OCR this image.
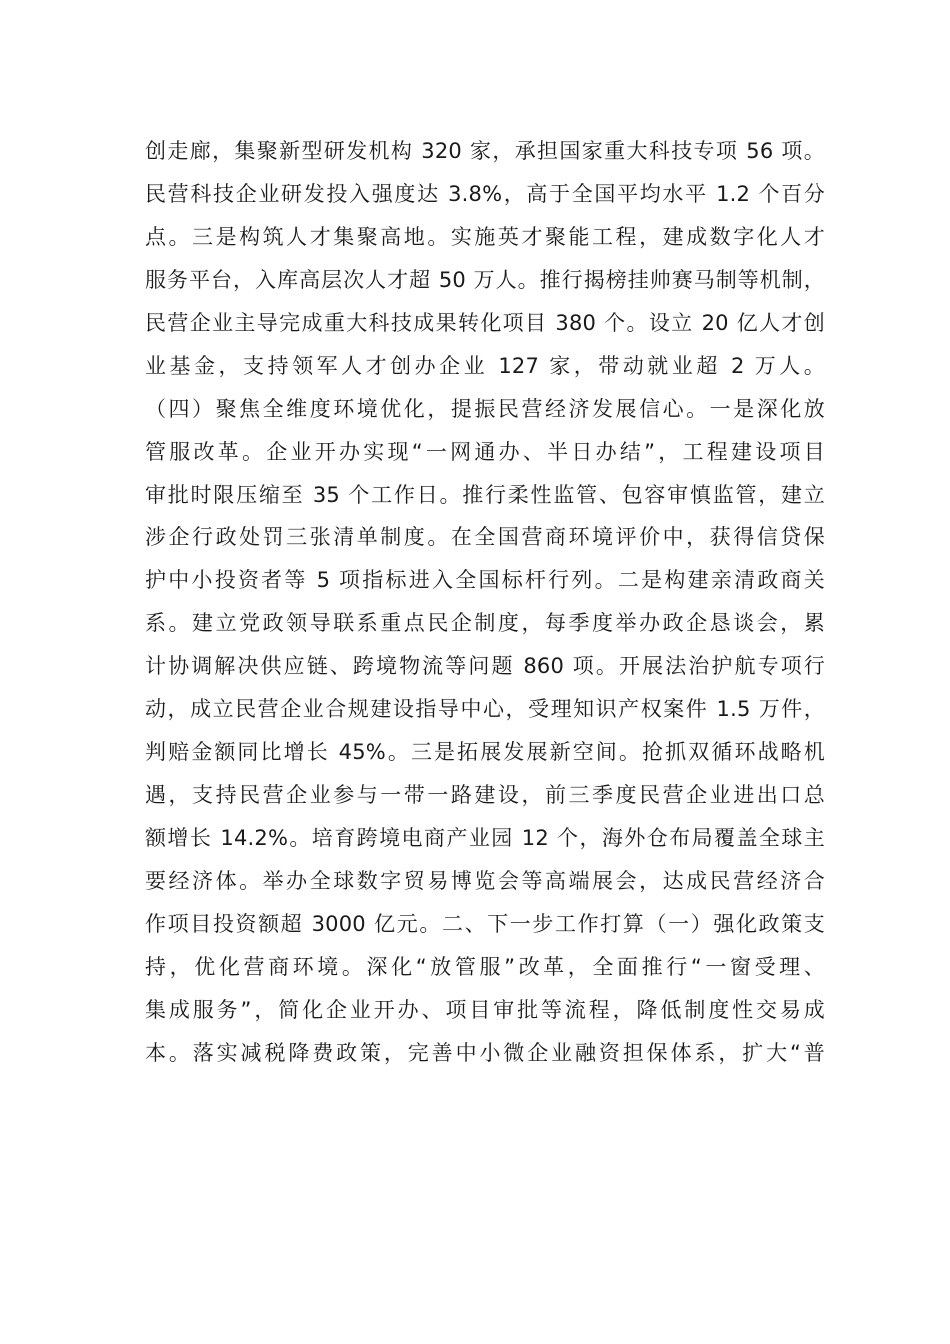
创走廊，集聚新型研发机构 320 家，承担国家重大科技专项 56 项。
民营科技企业研发投入强度达 3.8%，高于全国平均水平 1.2 个百分
点。三是构筑人才集聚高地。实施英才聚能工程，建成数字化人才
服务平台，入库高层次人才超 50 万人。推行揭榜挂帅赛马制等机制，
民营企业主导完成重大科技成果转化项目 380 个。设立 20 亿人才创
业基金，支持领军人才创办企业 127 家，带动就业超 2 万人。
（四）聚焦全维度环境优化，提振民营经济发展信心。一是深化放
管服改革。企业开办实现“一网通办、半日办结”，工程建设项目
审批时限压缩至 35 个工作日。推行柔性监管、包容审慎监管，建立
涉企行政处罚三张清单制度。在全国营商环境评价中，获得信贷保
护中小投资者等 5 项指标进入全国标杆行列。二是构建亲清政商关
系。建立党政领导联系重点民企制度，每季度举办政企恳谈会，累
计协调解决供应链、跨境物流等问题 860 项。开展法治护航专项行
动，成立民营企业合规建设指导中心，受理知识产权案件 1.5 万件，
判赔金额同比增长 45%。三是拓展发展新空间。抢抓双循环战略机
遇，支持民营企业参与一带一路建设，前三季度民营企业进出口总
额增长 14.2%。培育跨境电商产业园 12 个，海外仓布局覆盖全球主
要经济体。举办全球数字贸易博览会等高端展会，达成民营经济合
作项目投资额超 3000 亿元。二、下一步工作打算（一）强化政策支
持，优化营商环境。深化“放管服”改革，全面推行“一窗受理、
集成服务”，简化企业开办、项目审批等流程，降低制度性交易成
本。落实减税降费政策，完善中小微企业融资担保体系，扩大“普
